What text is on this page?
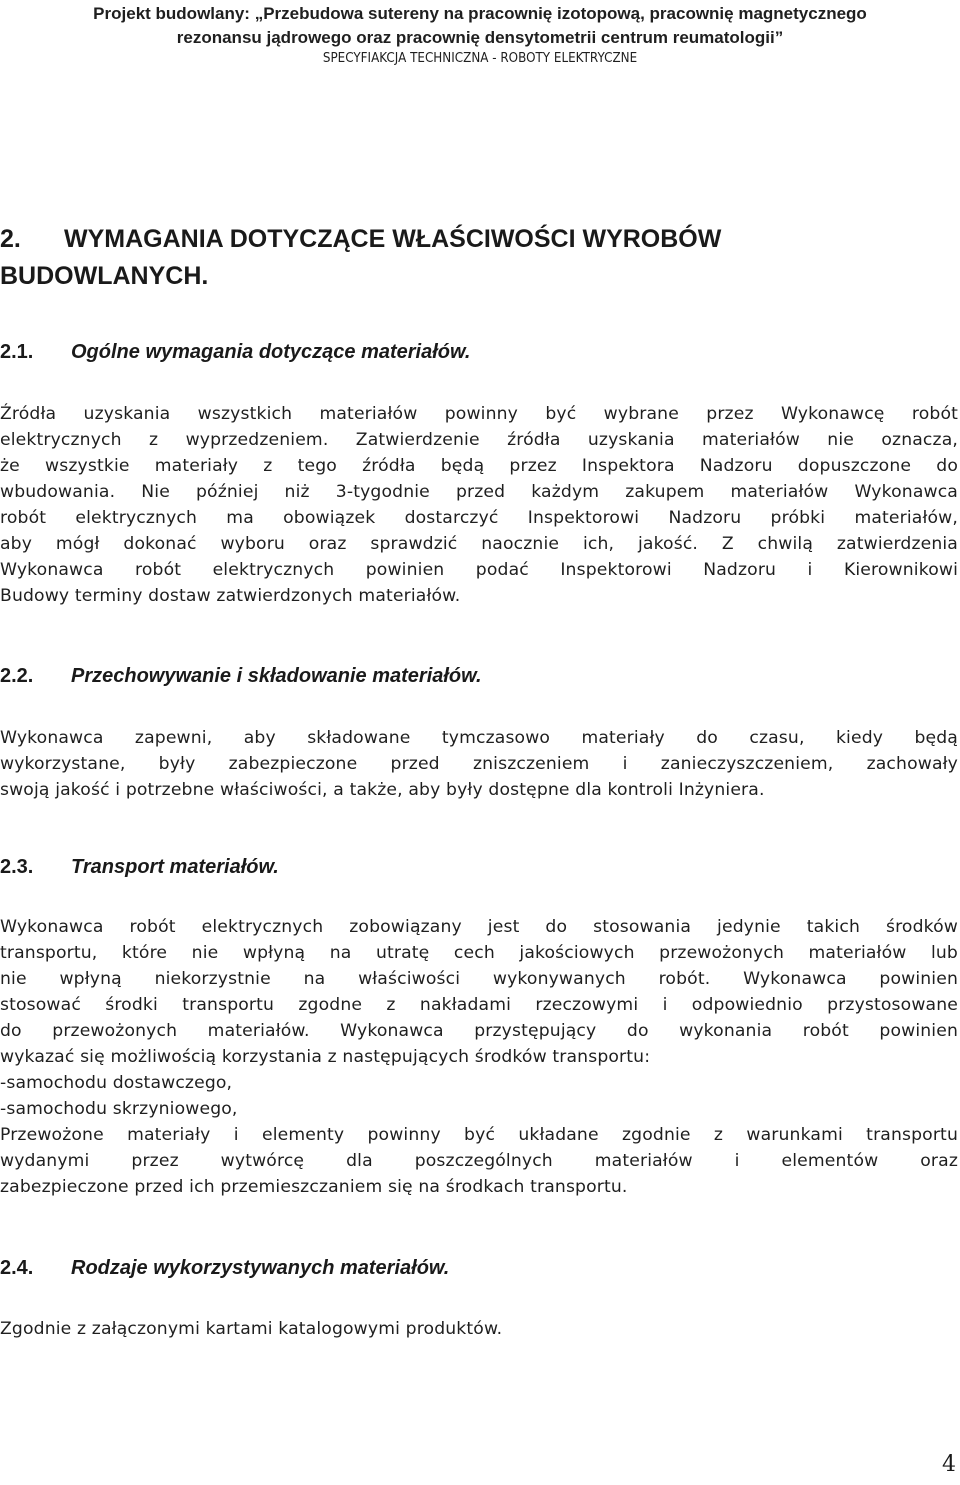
Projekt budowlany: „Przebudowa sutereny na pracownię izotopową, pracownię magnetycznego
rezonansu jądrowego oraz pracownię densytometrii centrum reumatologii”
SPECYFIAKCJA TECHNICZNA - ROBOTY ELEKTRYCZNE
2. WYMAGANIA DOTYCZĄCE WŁAŚCIWOŚCI WYROBÓW BUDOWLANYCH.
2.1. Ogólne wymagania dotyczące materiałów.
Źródła uzyskania wszystkich materiałów powinny być wybrane przez Wykonawcę robót
elektrycznych z wyprzedzeniem. Zatwierdzenie źródła uzyskania materiałów nie oznacza,
że wszystkie materiały z tego źródła będą przez Inspektora Nadzoru dopuszczone do
wbudowania. Nie później niż 3-tygodnie przed każdym zakupem materiałów Wykonawca
robót elektrycznych ma obowiązek dostarczyć Inspektorowi Nadzoru próbki materiałów,
aby mógł dokonać wyboru oraz sprawdzić naocznie ich, jakość. Z chwilą zatwierdzenia
Wykonawca robót elektrycznych powinien podać Inspektorowi Nadzoru i Kierownikowi
Budowy terminy dostaw zatwierdzonych materiałów.
2.2. Przechowywanie i składowanie materiałów.
Wykonawca zapewni, aby składowane tymczasowo materiały do czasu, kiedy będą
wykorzystane, były zabezpieczone przed zniszczeniem i zanieczyszczeniem, zachowały
swoją jakość i potrzebne właściwości, a także, aby były dostępne dla kontroli Inżyniera.
2.3. Transport materiałów.
Wykonawca robót elektrycznych zobowiązany jest do stosowania jedynie takich środków
transportu, które nie wpłyną na utratę cech jakościowych przewożonych materiałów lub
nie wpłyną niekorzystnie na właściwości wykonywanych robót. Wykonawca powinien
stosować środki transportu zgodne z nakładami rzeczowymi i odpowiednio przystosowane
do przewożonych materiałów. Wykonawca przystępujący do wykonania robót powinien
wykazać się możliwością korzystania z następujących środków transportu:
-samochodu dostawczego,
-samochodu skrzyniowego,
Przewożone materiały i elementy powinny być układane zgodnie z warunkami transportu
wydanymi przez wytwórcę dla poszczególnych materiałów i elementów oraz
zabezpieczone przed ich przemieszczaniem się na środkach transportu.
2.4. Rodzaje wykorzystywanych materiałów.
Zgodnie z załączonymi kartami katalogowymi produktów.
4
